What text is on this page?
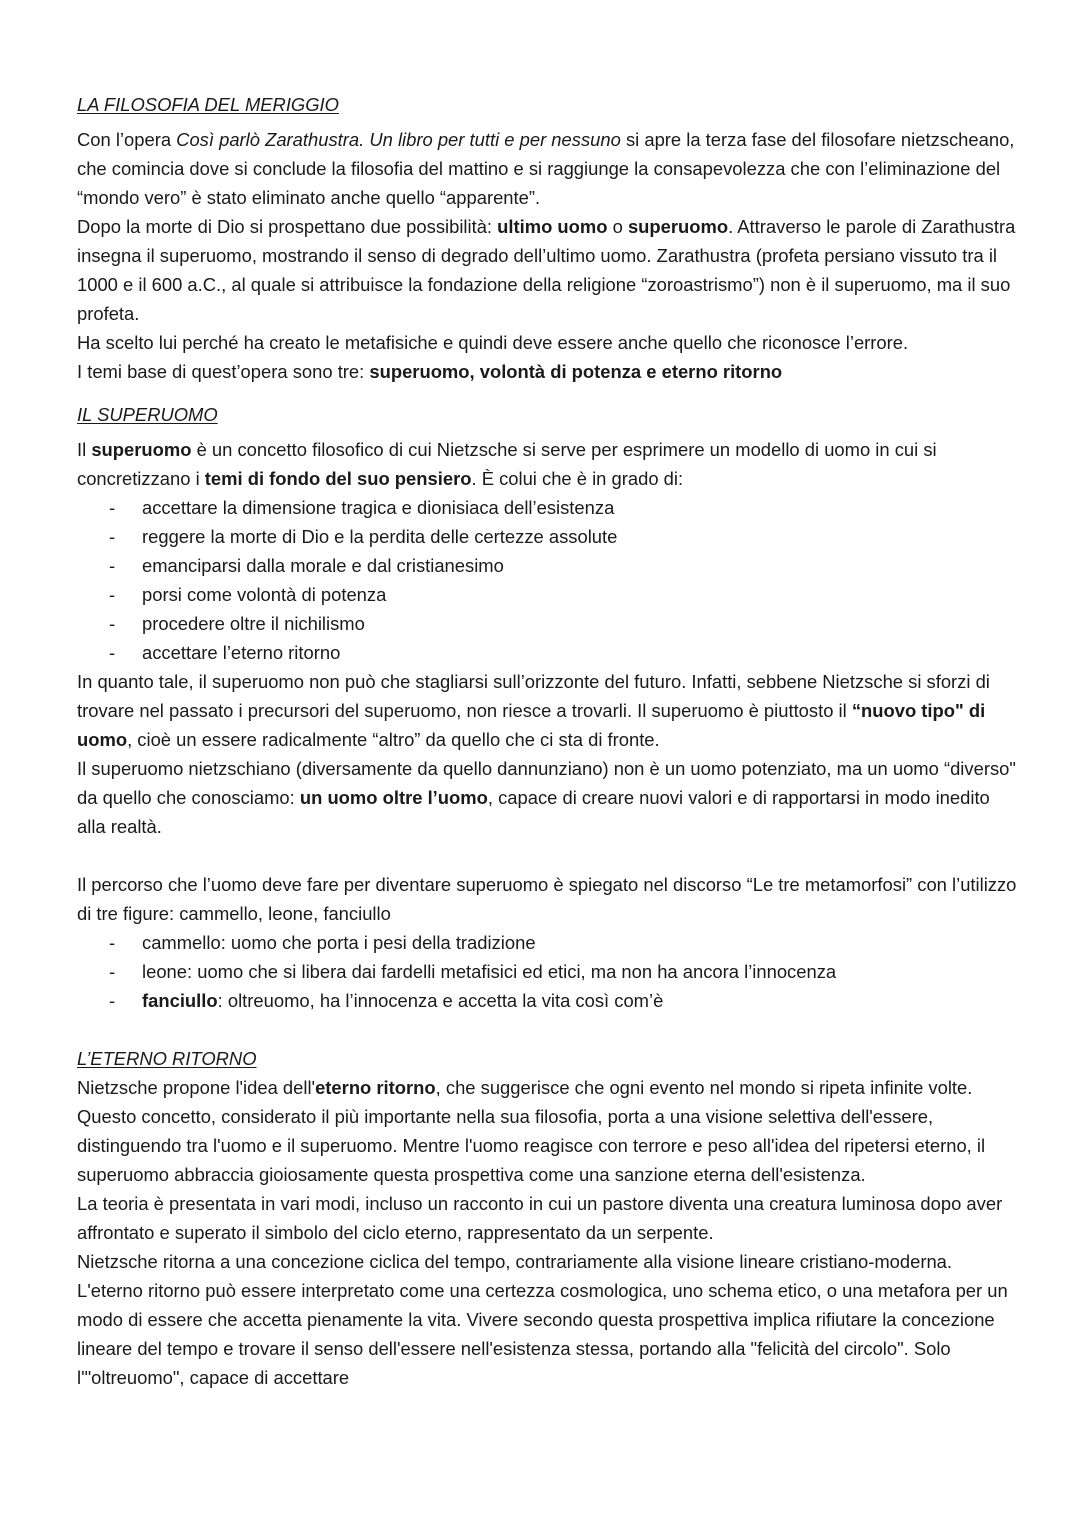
LA FILOSOFIA DEL MERIGGIO

Con l’opera Così parlò Zarathustra. Un libro per tutti e per nessuno si apre la terza fase del filosofare nietzscheano, che comincia dove si conclude la filosofia del mattino e si raggiunge la consapevolezza che con l’eliminazione del “mondo vero” è stato eliminato anche quello “apparente”.

Dopo la morte di Dio si prospettano due possibilità: ultimo uomo o superuomo. Attraverso le parole di Zarathustra insegna il superuomo, mostrando il senso di degrado dell’ultimo uomo. Zarathustra (profeta persiano vissuto tra il 1000 e il 600 a.C., al quale si attribuisce la fondazione della religione “zoroastrismo”) non è il superuomo, ma il suo profeta.

Ha scelto lui perché ha creato le metafisiche e quindi deve essere anche quello che riconosce l’errore.

I temi base di quest’opera sono tre: superuomo, volontà di potenza e eterno ritorno

IL SUPERUOMO

Il superuomo è un concetto filosofico di cui Nietzsche si serve per esprimere un modello di uomo in cui si concretizzano i temi di fondo del suo pensiero. È colui che è in grado di:

- accettare la dimensione tragica e dionisiaca dell’esistenza
- reggere la morte di Dio e la perdita delle certezze assolute
- emanciparsi dalla morale e dal cristianesimo
- porsi come volontà di potenza
- procedere oltre il nichilismo
- accettare l’eterno ritorno

In quanto tale, il superuomo non può che stagliarsi sull’orizzonte del futuro. Infatti, sebbene Nietzsche si sforzi di trovare nel passato i precursori del superuomo, non riesce a trovarli. Il superuomo è piuttosto il “nuovo tipo" di uomo, cioè un essere radicalmente “altro” da quello che ci sta di fronte.

Il superuomo nietzschiano (diversamente da quello dannunziano) non è un uomo potenziato, ma un uomo “diverso" da quello che conosciamo: un uomo oltre l’uomo, capace di creare nuovi valori e di rapportarsi in modo inedito alla realtà.

Il percorso che l’uomo deve fare per diventare superuomo è spiegato nel discorso “Le tre metamorfosi” con l’utilizzo di tre figure: cammello, leone, fanciullo

- cammello: uomo che porta i pesi della tradizione
- leone: uomo che si libera dai fardelli metafisici ed etici, ma non ha ancora l’innocenza
- fanciullo: oltreuomo, ha l’innocenza e accetta la vita così com’è
L’ETERNO RITORNO

Nietzsche propone l'idea dell'eterno ritorno, che suggerisce che ogni evento nel mondo si ripeta infinite volte. Questo concetto, considerato il più importante nella sua filosofia, porta a una visione selettiva dell'essere, distinguendo tra l'uomo e il superuomo. Mentre l'uomo reagisce con terrore e peso all'idea del ripetersi eterno, il superuomo abbraccia gioiosamente questa prospettiva come una sanzione eterna dell'esistenza.

La teoria è presentata in vari modi, incluso un racconto in cui un pastore diventa una creatura luminosa dopo aver affrontato e superato il simbolo del ciclo eterno, rappresentato da un serpente.

Nietzsche ritorna a una concezione ciclica del tempo, contrariamente alla visione lineare cristiano-moderna. L'eterno ritorno può essere interpretato come una certezza cosmologica, uno schema etico, o una metafora per un modo di essere che accetta pienamente la vita. Vivere secondo questa prospettiva implica rifiutare la concezione lineare del tempo e trovare il senso dell'essere nell'esistenza stessa, portando alla "felicità del circolo". Solo l'"oltreuomo", capace di accettare
